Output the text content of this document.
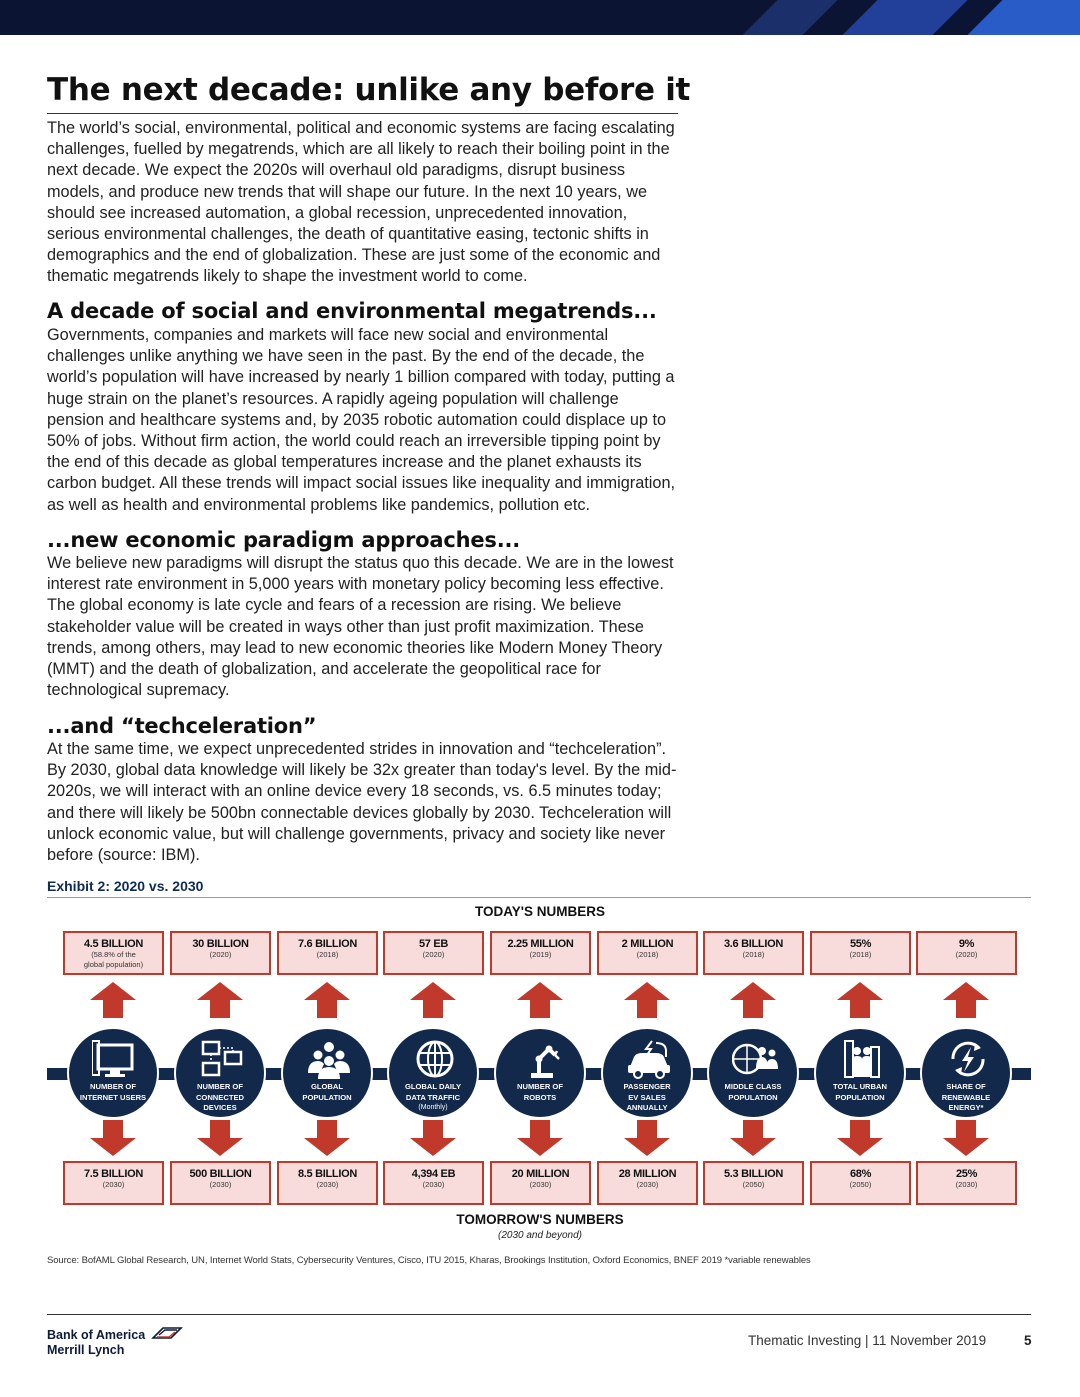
The next decade: unlike any before it

The world’s social, environmental, political and economic systems are facing escalating challenges, fuelled by megatrends, which are all likely to reach their boiling point in the next decade. We expect the 2020s will overhaul old paradigms, disrupt business models, and produce new trends that will shape our future. In the next 10 years, we should see increased automation, a global recession, unprecedented innovation, serious environmental challenges, the death of quantitative easing, tectonic shifts in demographics and the end of globalization. These are just some of the economic and thematic megatrends likely to shape the investment world to come.

A decade of social and environmental megatrends...

Governments, companies and markets will face new social and environmental challenges unlike anything we have seen in the past. By the end of the decade, the world’s population will have increased by nearly 1 billion compared with today, putting a huge strain on the planet’s resources. A rapidly ageing population will challenge pension and healthcare systems and, by 2035 robotic automation could displace up to 50% of jobs. Without firm action, the world could reach an irreversible tipping point by the end of this decade as global temperatures increase and the planet exhausts its carbon budget. All these trends will impact social issues like inequality and immigration, as well as health and environmental problems like pandemics, pollution etc.

...new economic paradigm approaches...

We believe new paradigms will disrupt the status quo this decade. We are in the lowest interest rate environment in 5,000 years with monetary policy becoming less effective. The global economy is late cycle and fears of a recession are rising. We believe stakeholder value will be created in ways other than just profit maximization. These trends, among others, may lead to new economic theories like Modern Money Theory (MMT) and the death of globalization, and accelerate the geopolitical race for technological supremacy.

...and “techceleration”

At the same time, we expect unprecedented strides in innovation and “techceleration”. By 2030, global data knowledge will likely be 32x greater than today's level. By the mid-2020s, we will interact with an online device every 18 seconds, vs. 6.5 minutes today; and there will likely be 500bn connectable devices globally by 2030. Techceleration will unlock economic value, but will challenge governments, privacy and society like never before (source: IBM).

Exhibit 2: 2020 vs. 2030
TODAY'S NUMBERS
4.5 BILLION
(58.8% of the
global population)
NUMBER OF
INTERNET USERS
7.5 BILLION
(2030)
30 BILLION
(2020)
NUMBER OF
CONNECTED
DEVICES
500 BILLION
(2030)
7.6 BILLION
(2018)
GLOBAL
POPULATION
8.5 BILLION
(2030)
57 EB
(2020)
GLOBAL DAILY
DATA TRAFFIC
(Monthly)
4,394 EB
(2030)
2.25 MILLION
(2019)
NUMBER OF
ROBOTS
20 MILLION
(2030)
2 MILLION
(2018)
PASSENGER
EV SALES
ANNUALLY
28 MILLION
(2030)
3.6 BILLION
(2018)
MIDDLE CLASS
POPULATION
5.3 BILLION
(2050)
55%
(2018)
TOTAL URBAN
POPULATION
68%
(2050)
9%
(2020)
SHARE OF
RENEWABLE
ENERGY*
25%
(2030)
TOMORROW'S NUMBERS
(2030 and beyond)
Source: BofAML Global Research, UN, Internet World Stats, Cybersecurity Ventures, Cisco, ITU 2015, Kharas, Brookings Institution, Oxford Economics, BNEF 2019 *variable renewables
Bank of America
Merrill Lynch
Thematic Investing | 11 November 2019	5
